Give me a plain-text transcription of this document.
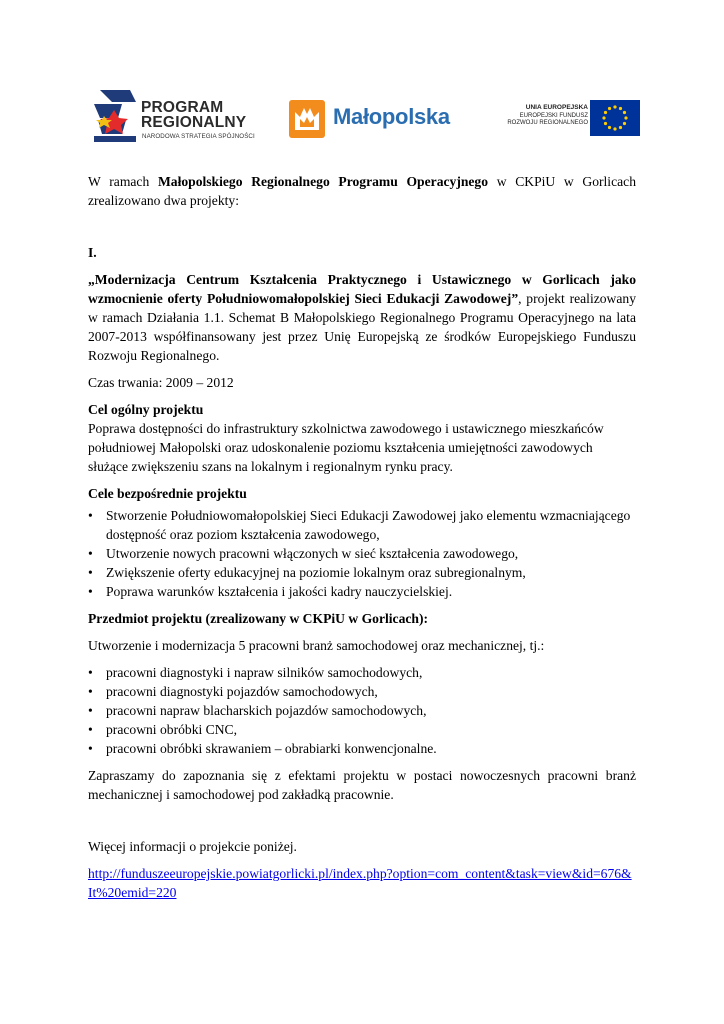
PROGRAM
REGIONALNY
NARODOWA STRATEGIA SPÓJNOŚCI
Małopolska	UNIA EUROPEJSKA
EUROPEJSKI FUNDUSZ
ROZWOJU REGIONALNEGO

W ramach Małopolskiego Regionalnego Programu Operacyjnego w CKPiU w Gorlicach zrealizowano dwa projekty:

I.

„Modernizacja Centrum Kształcenia Praktycznego i Ustawicznego w Gorlicach jako wzmocnienie oferty Południowomałopolskiej Sieci Edukacji Zawodowej”, projekt realizowany w ramach Działania 1.1. Schemat B Małopolskiego Regionalnego Programu Operacyjnego na lata 2007-2013 współfinansowany jest przez Unię Europejską ze środków Europejskiego Funduszu Rozwoju Regionalnego.

Czas trwania: 2009 – 2012

Cel ogólny projektu

Poprawa dostępności do infrastruktury szkolnictwa zawodowego i ustawicznego mieszkańców południowej Małopolski oraz udoskonalenie poziomu kształcenia umiejętności zawodowych służące zwiększeniu szans na lokalnym i regionalnym rynku pracy.

Cele bezpośrednie projektu

• Stworzenie Południowomałopolskiej Sieci Edukacji Zawodowej jako elementu wzmacniającego dostępność oraz poziom kształcenia zawodowego,
• Utworzenie nowych pracowni włączonych w sieć kształcenia zawodowego,
• Zwiększenie oferty edukacyjnej na poziomie lokalnym oraz subregionalnym,
• Poprawa warunków kształcenia i jakości kadry nauczycielskiej.

Przedmiot projektu (zrealizowany w CKPiU w Gorlicach):

Utworzenie i modernizacja 5 pracowni branż samochodowej oraz mechanicznej, tj.:

• pracowni diagnostyki i napraw silników samochodowych,
• pracowni diagnostyki pojazdów samochodowych,
• pracowni napraw blacharskich pojazdów samochodowych,
• pracowni obróbki CNC,
• pracowni obróbki skrawaniem – obrabiarki konwencjonalne.

Zapraszamy do zapoznania się z efektami projektu w postaci nowoczesnych pracowni branż mechanicznej i samochodowej pod zakładką pracownie.

Więcej informacji o projekcie poniżej.

http://funduszeeuropejskie.powiatgorlicki.pl/index.php?option=com_content&task=view&id=676&It%20emid=220
